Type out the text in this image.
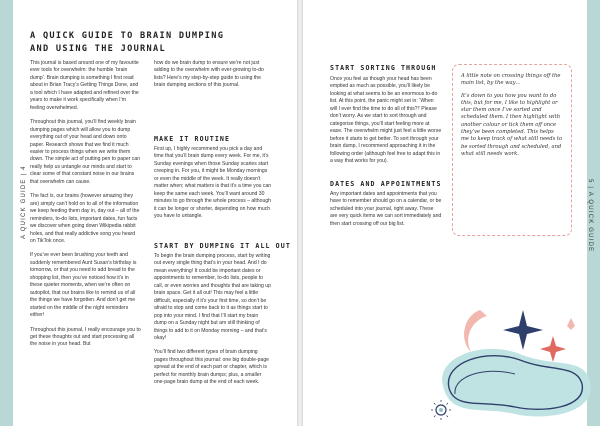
A QUICK GUIDE | 4	5 | A QUICK GUIDE
A QUICK GUIDE TO BRAIN DUMPING
AND USING THE JOURNAL

This journal is based around one of my favourite ever tools for overwhelm: the humble ‘brain dump’. Brain dumping is something I first read about in Brian Tracy’s Getting Things Done, and a tool which I have adapted and refined over the years to make it work specifically when I’m feeling overwhelmed.

Throughout this journal, you’ll find weekly brain dumping pages which will allow you to dump everything out of your head and down onto paper. Research shows that we find it much easier to process things when we write them down. The simple act of putting pen to paper can really help us untangle our minds and start to clear some of that constant noise in our brains that overwhelm can cause.

The fact is, our brains (however amazing they are) simply can’t hold on to all of the information we keep feeding them day in, day out – all of the reminders, to-do lists, important dates, fun facts we discover when going down Wikipedia rabbit holes, and that really addictive song you heard on TikTok once.

If you’ve ever been brushing your teeth and suddenly remembered Aunt Susan’s birthday is tomorrow, or that you need to add bread to the shopping list, then you’ve noticed how it’s in these quieter moments, when we’re often on autopilot, that our brains like to remind us of all the things we have forgotten. And don’t get me started on the middle of the night reminders either!

Throughout this journal, I really encourage you to get these thoughts out and start processing all the noise in your head. But

how do we brain dump to ensure we’re not just adding to the overwhelm with ever-growing to-do lists? Here’s my step-by-step guide to using the brain dumping sections of this journal.

MAKE IT ROUTINE

First up, I highly recommend you pick a day and time that you’ll brain dump every week. For me, it’s Sunday evenings when those Sunday scaries start creeping in. For you, it might be Monday mornings or even the middle of the week. It really doesn’t matter when; what matters is that it’s a time you can keep the same each week. You’ll want around 30 minutes to go through the whole process – although it can be longer or shorter, depending on how much you have to untangle.

START BY DUMPING IT ALL OUT

To begin the brain dumping process, start by writing out every single thing that’s in your head. And I do mean everything! It could be important dates or appointments to remember, to-do lists, people to call, or even worries and thoughts that are taking up brain space. Get it all out! This may feel a little difficult, especially if it’s your first time, so don’t be afraid to stop and come back to it as things start to pop into your mind. I find that I’ll start my brain dump on a Sunday night but am still thinking of things to add to it on Monday morning – and that’s okay!

You’ll find two different types of brain dumping pages throughout this journal: one big double-page spread at the end of each part or chapter, which is perfect for monthly brain dumps; plus, a smaller one-page brain dump at the end of each week.

START SORTING THROUGH

Once you feel as though your head has been emptied as much as possible, you’ll likely be looking at what seems to be an enormous to-do list. At this point, the panic might set in: ‘When will I ever find the time to do all of this?!’ Please don’t worry. As we start to sort through and categorise things, you’ll start feeling more at ease. The overwhelm might just feel a little worse before it starts to get better. To sort through your brain dump, I recommend approaching it in the following order (although feel free to adapt this in a way that works for you).

DATES AND APPOINTMENTS

Any important dates and appointments that you have to remember should go on a calendar, or be scheduled into your journal, right away. These are very quick items we can sort immediately and then start crossing off our big list.

A little note on crossing things off the main list, by the way…

It’s down to you how you want to do this, but for me, I like to highlight or star them once I’ve sorted and scheduled them. I then highlight with another colour or tick them off once they’ve been completed. This helps me to keep track of what still needs to be sorted through and scheduled, and what still needs work.
